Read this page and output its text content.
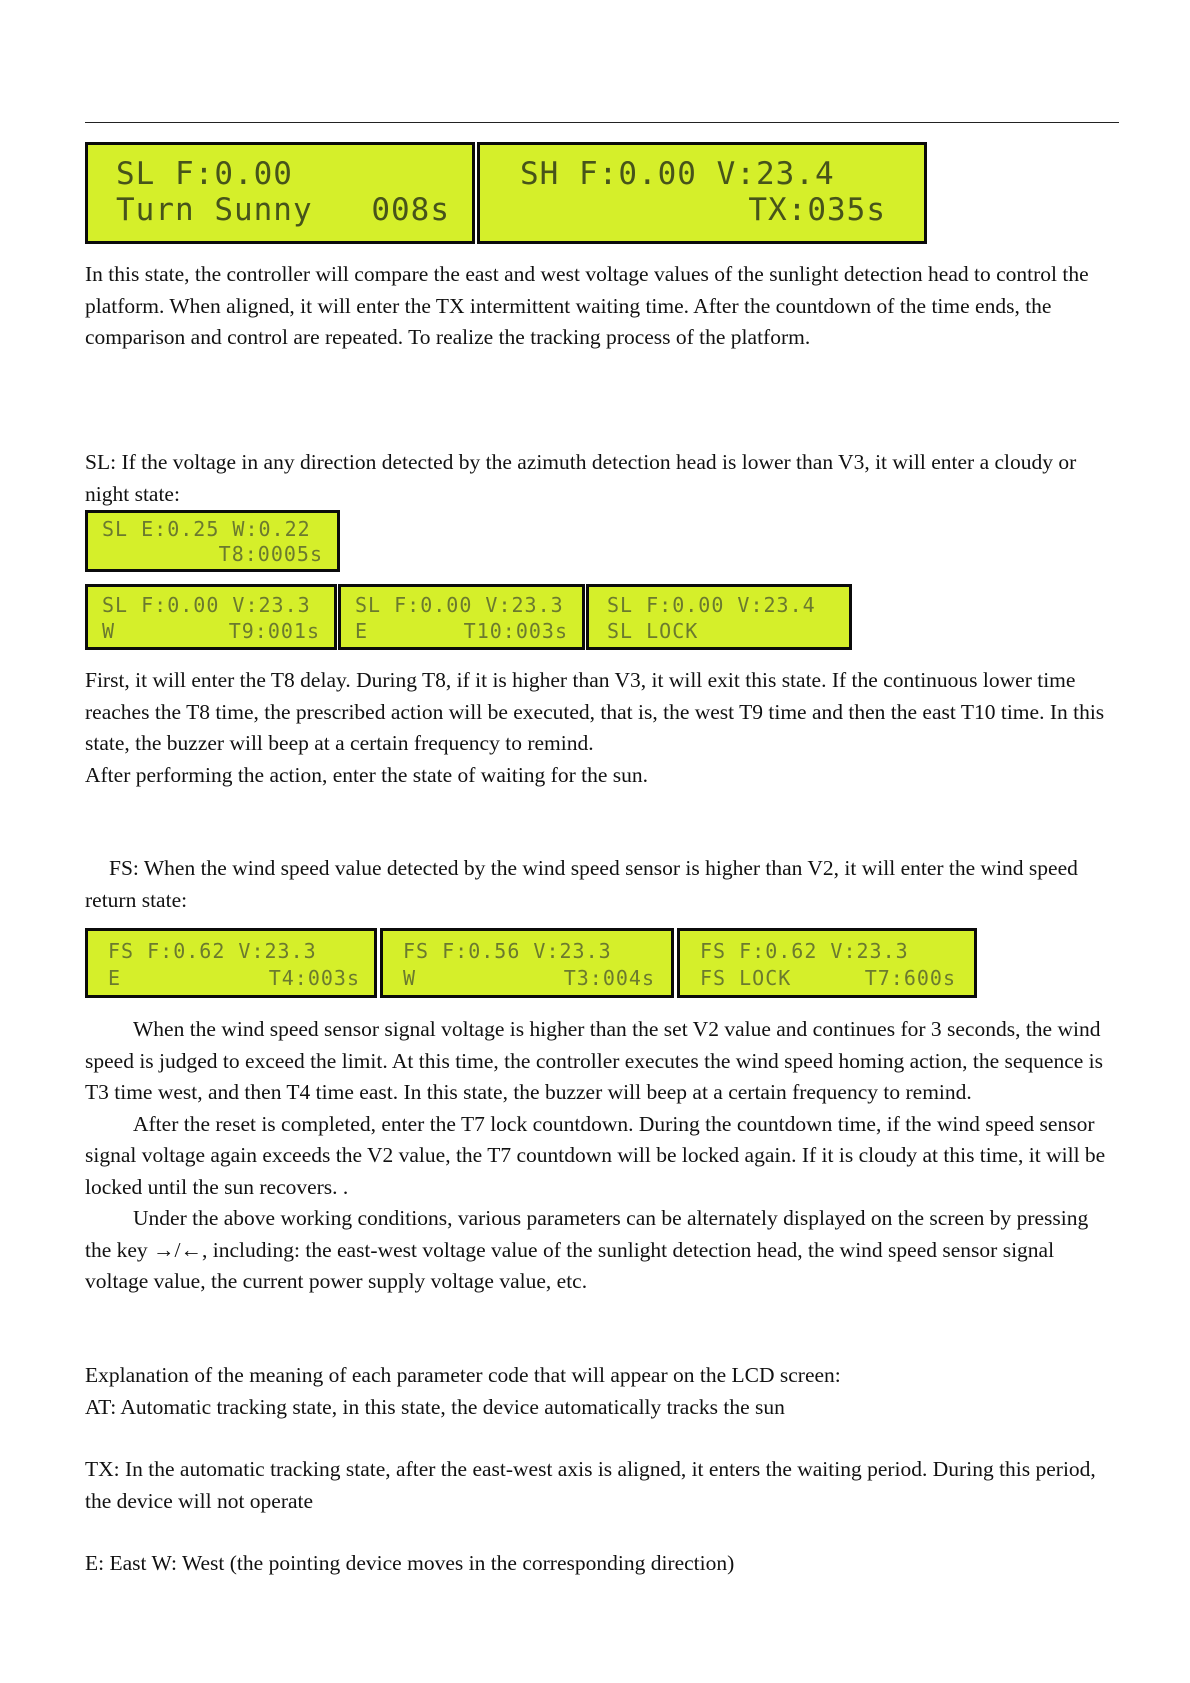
SL F:0.00
Turn Sunny 008s
SH F:0.00 V:23.4
TX:035s

In this state, the controller will compare the east and west voltage values of the sunlight detection head to control the platform. When aligned, it will enter the TX intermittent waiting time. After the countdown of the time ends, the comparison and control are repeated. To realize the tracking process of the platform.

SL: If the voltage in any direction detected by the azimuth detection head is lower than V3, it will enter a cloudy or night state:

SL E:0.25 W:0.22
T8:0005s
SL F:0.00 V:23.3
W	T9:001s
SL F:0.00 V:23.3
E	T10:003s
SL F:0.00 V:23.4
SL LOCK

First, it will enter the T8 delay. During T8, if it is higher than V3, it will exit this state. If the continuous lower time reaches the T8 time, the prescribed action will be executed, that is, the west T9 time and then the east T10 time. In this state, the buzzer will beep at a certain frequency to remind.

After performing the action, enter the state of waiting for the sun.

FS: When the wind speed value detected by the wind speed sensor is higher than V2, it will enter the wind speed return state:

FS F:0.62 V:23.3
E	T4:003s
FS F:0.56 V:23.3
W	T3:004s
FS F:0.62 V:23.3
FS LOCK	T7:600s

When the wind speed sensor signal voltage is higher than the set V2 value and continues for 3 seconds, the wind speed is judged to exceed the limit. At this time, the controller executes the wind speed homing action, the sequence is T3 time west, and then T4 time east. In this state, the buzzer will beep at a certain frequency to remind.

After the reset is completed, enter the T7 lock countdown. During the countdown time, if the wind speed sensor signal voltage again exceeds the V2 value, the T7 countdown will be locked again. If it is cloudy at this time, it will be locked until the sun recovers. .

Under the above working conditions, various parameters can be alternately displayed on the screen by pressing the key →/←, including: the east-west voltage value of the sunlight detection head, the wind speed sensor signal voltage value, the current power supply voltage value, etc.

Explanation of the meaning of each parameter code that will appear on the LCD screen:

AT: Automatic tracking state, in this state, the device automatically tracks the sun

TX: In the automatic tracking state, after the east-west axis is aligned, it enters the waiting period. During this period, the device will not operate

E: East W: West (the pointing device moves in the corresponding direction)
